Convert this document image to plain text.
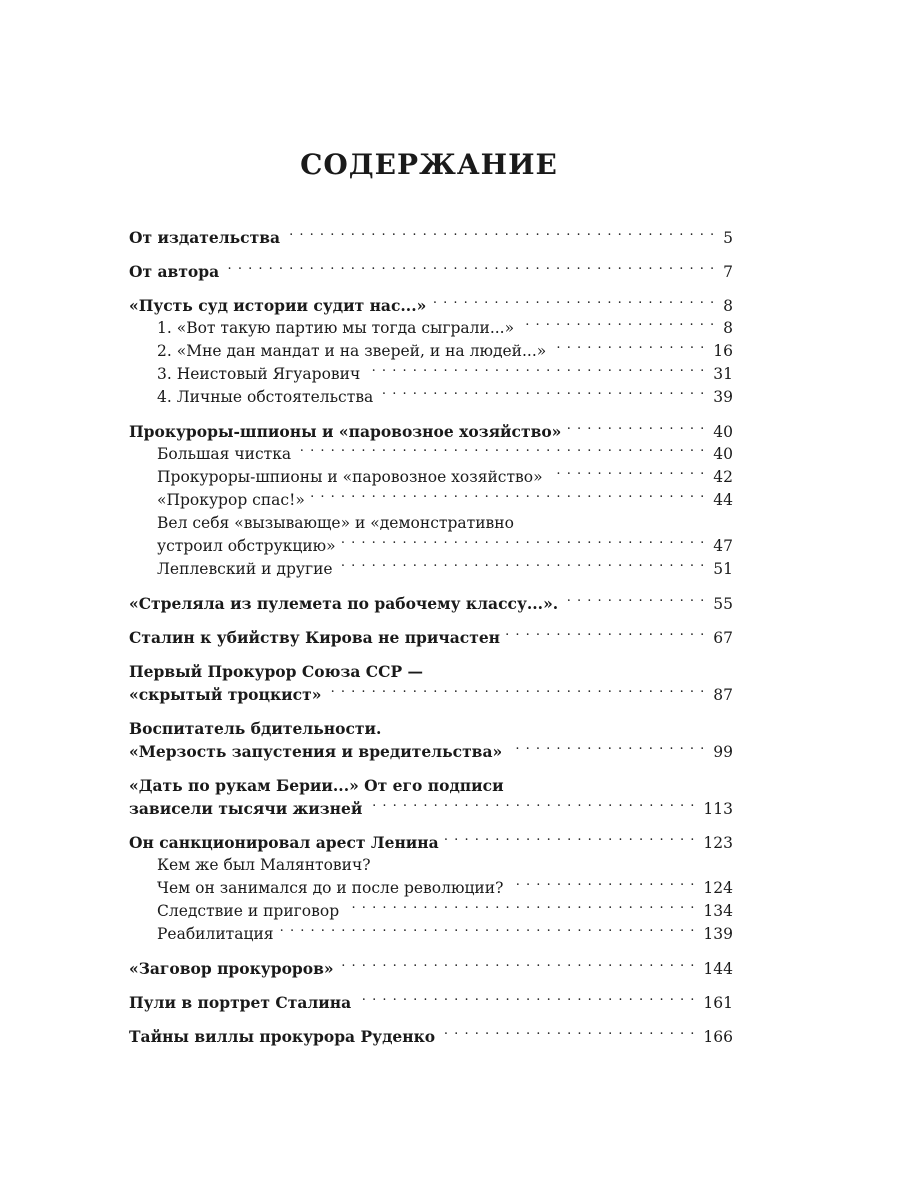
СОДЕРЖАНИЕ
От издательства . . .	5
От автора . . .	7
«Пусть суд истории судит нас...» . . .	8
1. «Вот такую партию мы тогда сыграли...» . . .	8
2. «Мне дан мандат и на зверей, и на людей...» . . .	16
3. Неистовый Ягуарович . . .	31
4. Личные обстоятельства . . .	39
Прокуроры-шпионы и «паровозное хозяйство» . . .	40
Большая чистка . . .	40
Прокуроры-шпионы и «паровозное хозяйство» . . .	42
«Прокурор спас!» . . .	44
Вел себя «вызывающе» и «демонстративно
устроил обструкцию» . . .	47
Леплевский и другие . . .	51
«Стреляла из пулемета по рабочему классу...». . . .	55
Сталин к убийству Кирова не причастен . . .	67
Первый Прокурор Союза ССР —
«скрытый троцкист» . . .	87
Воспитатель бдительности.
«Мерзость запустения и вредительства» . . .	99
«Дать по рукам Берии...» От его подписи
зависели тысячи жизней . . .	113
Он санкционировал арест Ленина . . .	123
Кем же был Малянтович?
Чем он занимался до и после революции? . . .	124
Следствие и приговор . . .	134
Реабилитация . . .	139
«Заговор прокуроров» . . .	144
Пули в портрет Сталина . . .	161
Тайны виллы прокурора Руденко . . .	166
